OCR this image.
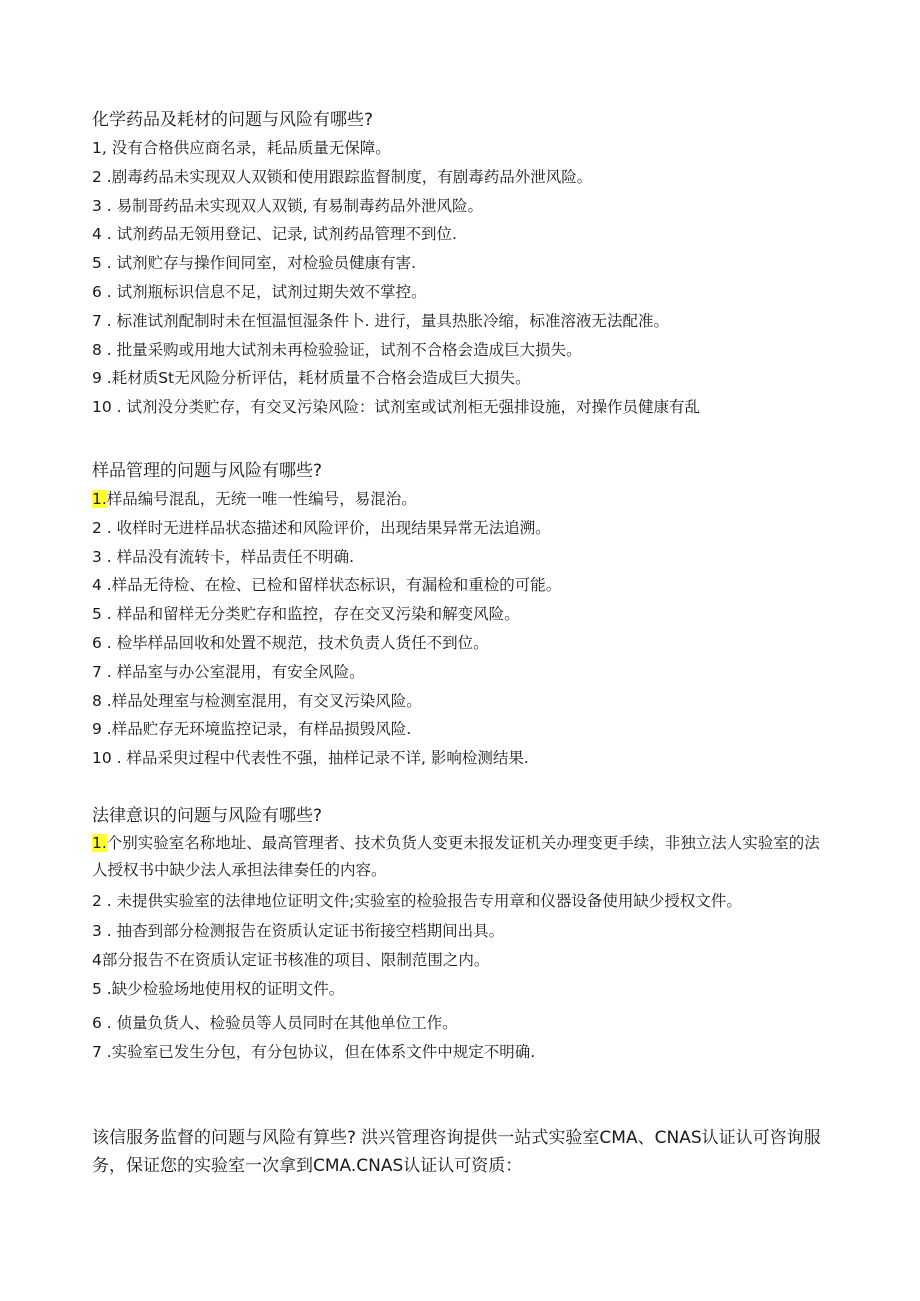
化学药品及耗材的问题与风险有哪些?

1, 没有合格供应商名录，耗品质量无保障。

2 .剧毒药品未实现双人双锁和使用跟踪监督制度，有剧毒药品外泄风险。

3 . 易制哥药品未实现双人双锁, 有易制毒药品外泄风险。

4 . 试剂药品无领用登记、记录, 试剂药品管理不到位.

5 . 试剂贮存与操作间同室，对检验员健康有害.

6 . 试剂瓶标识信息不足，试剂过期失效不掌控。

7 . 标准试剂配制时未在恒温恒湿条件卜. 进行，量具热胀冷缩，标准溶液无法配准。

8 . 批量采购或用地大试剂未再检验验证，试剂不合格会造成巨大损失。

9 .耗材质St无风险分析评估，耗材质量不合格会造成巨大损失。

10 . 试剂没分类贮存，有交叉污染风险：试剂室或试剂柜无强排设施，对操作员健康有乱

样品管理的问题与风险有哪些?

1.样品编号混乱，无统一唯一性编号，易混治。

2 . 收样时无进样品状态描述和风险评价，出现结果异常无法追溯。

3 . 样品没有流转卡，样品责任不明确.

4 .样品无待检、在检、已检和留样状态标识，有漏检和重检的可能。

5 . 样品和留样无分类贮存和监控，存在交叉污染和解变风险。

6 . 检毕样品回收和处置不规范，技术负责人货任不到位。

7 . 样品室与办公室混用，有安全风险。

8 .样品处理室与检测室混用，有交叉污染风险。

9 .样品贮存无环境监控记录，有样品损毁风险.

10 . 样品采臾过程中代表性不强，抽样记录不详, 影响检测结果.

法律意识的问题与风险有哪些?

1.个别实验室名称地址、最高管理者、技术负货人变更未报发证机关办理变更手续，非独立法人实验室的法人授权书中缺少法人承担法律奏任的内容。

2 . 未提供实验室的法律地位证明文件;实验室的检验报告专用章和仪器设备使用缺少授权文件。

3 . 抽杳到部分检测报告在资质认定证书衔接空档期间出具。

4部分报告不在资质认定证书核准的项目、限制范围之内。

5 .缺少检验场地使用权的证明文件。

6 . 侦量负货人、检验员等人员同时在其他单位工作。

7 .实验室已发生分包，有分包协议，但在体系文件中规定不明确.

该信服务监督的问题与风险有算些? 洪兴管理咨询提供一站式实验室CMA、CNAS认证认可咨询服务，保证您的实验室一次拿到CMA.CNAS认证认可资质：
